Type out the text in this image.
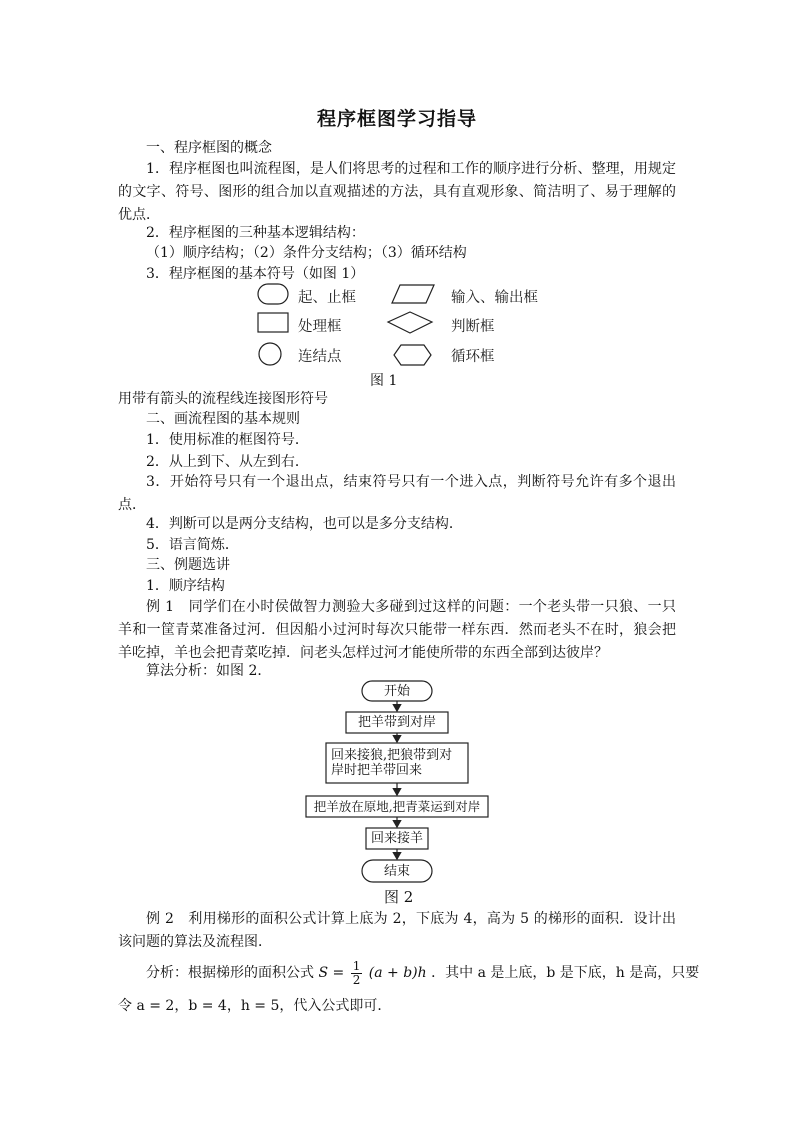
程序框图学习指导
一、程序框图的概念
1．程序框图也叫流程图，是人们将思考的过程和工作的顺序进行分析、整理，用规定的文字、符号、图形的组合加以直观描述的方法，具有直观形象、简洁明了、易于理解的优点．
2．程序框图的三种基本逻辑结构：
（1）顺序结构；（2）条件分支结构；（3）循环结构
3．程序框图的基本符号（如图 1）
起、止框	输入、输出框
处理框	判断框
连结点	循环框
图 1
用带有箭头的流程线连接图形符号
二、画流程图的基本规则
1．使用标准的框图符号．
2．从上到下、从左到右．
3．开始符号只有一个退出点，结束符号只有一个进入点，判断符号允许有多个退出点．
4．判断可以是两分支结构，也可以是多分支结构．
5．语言简炼．
三、例题选讲
1．顺序结构
例 1　同学们在小时侯做智力测验大多碰到过这样的问题：一个老头带一只狼、一只羊和一筐青菜准备过河．但因船小过河时每次只能带一样东西．然而老头不在时，狼会把羊吃掉，羊也会把青菜吃掉．问老头怎样过河才能使所带的东西全部到达彼岸？
算法分析：如图 2．
开始
把羊带到对岸
回来接狼,把狼带到对岸时把羊带回来
把羊放在原地,把青菜运到对岸
回来接羊
结束
图 2
例 2　利用梯形的面积公式计算上底为 2，下底为 4，高为 5 的梯形的面积．设计出该问题的算法及流程图．
分析：根据梯形的面积公式 $S = \frac{1}{2} (a + b)h$ ．其中 a 是上底，b 是下底，h 是高，只要
令 a = 2，b = 4，h = 5，代入公式即可．
